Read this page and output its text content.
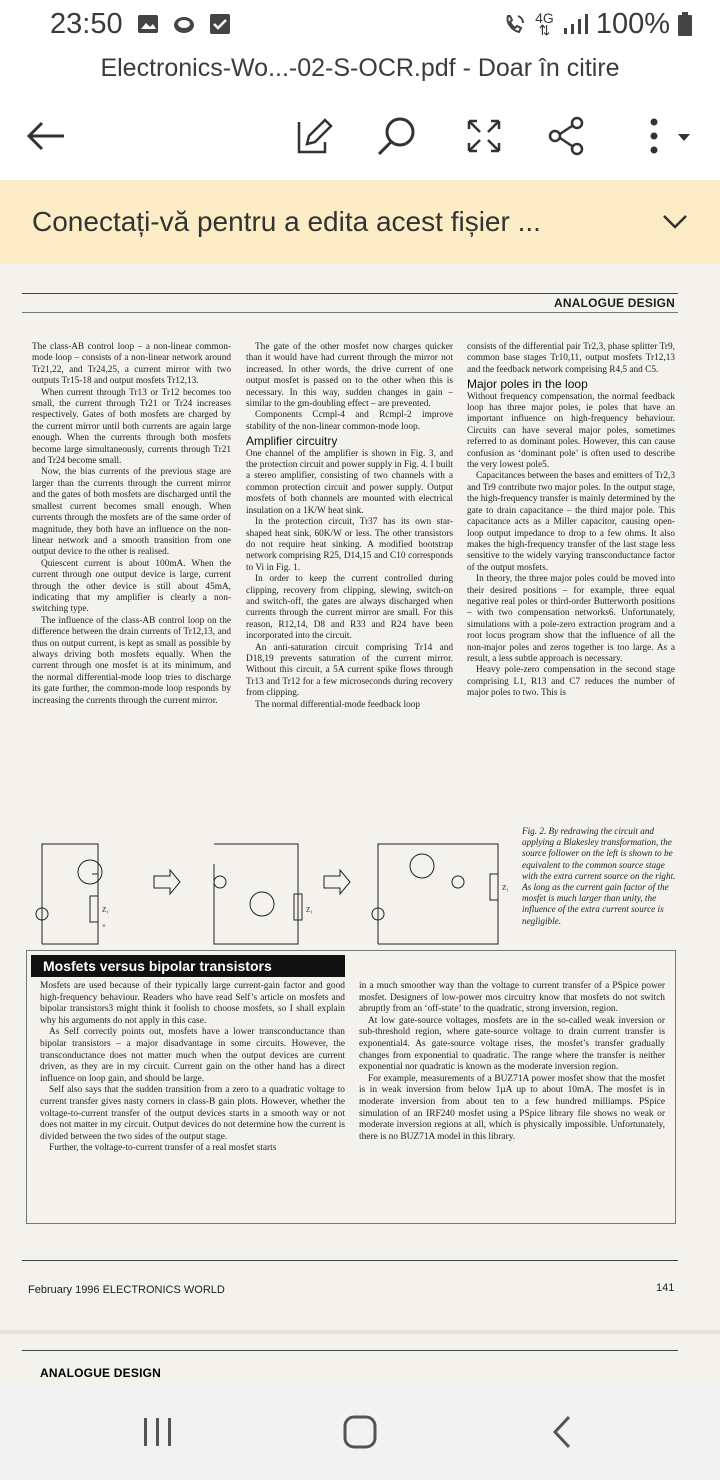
23:50	4G
⇅ 100%
Electronics-Wo...-02-S-OCR.pdf - Doar în citire
Conectați-vă pentru a edita acest fișier ...
ANALOGUE DESIGN

The class-AB control loop – a non-linear common-mode loop – consists of a non-linear network around Tr21,22, and Tr24,25, a current mirror with two outputs Tr15-18 and output mosfets Tr12,13.

When current through Tr13 or Tr12 becomes too small, the current through Tr21 or Tr24 increases respectively. Gates of both mosfets are charged by the current mirror until both currents are again large enough. When the currents through both mosfets become large simultaneously, currents through Tr21 and Tr24 become small.

Now, the bias currents of the previous stage are larger than the currents through the current mirror and the gates of both mosfets are discharged until the smallest current becomes small enough. When currents through the mosfets are of the same order of magnitude, they both have an influence on the non-linear network and a smooth transition from one output device to the other is realised.

Quiescent current is about 100mA. When the current through one output device is large, current through the other device is still about 45mA, indicating that my amplifier is clearly a non-switching type.

The influence of the class-AB control loop on the difference between the drain currents of Tr12,13, and thus on output current, is kept as small as possible by always driving both mosfets equally. When the current through one mosfet is at its minimum, and the normal differential-mode loop tries to discharge its gate further, the common-mode loop responds by increasing the currents through the current mirror.

The gate of the other mosfet now charges quicker than it would have had current through the mirror not increased. In other words, the drive current of one output mosfet is passed on to the other when this is necessary. In this way, sudden changes in gain – similar to the gm-doubling effect – are prevented.

Components Ccmpl-4 and Rcmpl-2 improve stability of the non-linear common-mode loop.

Amplifier circuitry

One channel of the amplifier is shown in Fig. 3, and the protection circuit and power supply in Fig. 4. I built a stereo amplifier, consisting of two channels with a common protection circuit and power supply. Output mosfets of both channels are mounted with electrical insulation on a 1K/W heat sink.

In the protection circuit, Tr37 has its own star-shaped heat sink, 60K/W or less. The other transistors do not require heat sinking. A modified bootstrap network comprising R25, D14,15 and C10 corresponds to Vi in Fig. 1.

In order to keep the current controlled during clipping, recovery from clipping, slewing, switch-on and switch-off, the gates are always discharged when currents through the current mirror are small. For this reason, R12,14, D8 and R33 and R24 have been incorporated into the circuit.

An anti-saturation circuit comprising Tr14 and D18,19 prevents saturation of the current mirror. Without this circuit, a 5A current spike flows through Tr13 and Tr12 for a few microseconds during recovery from clipping.

The normal differential-mode feedback loop

consists of the differential pair Tr2,3, phase splitter Tr9, common base stages Tr10,11, output mosfets Tr12,13 and the feedback network comprising R4,5 and C5.

Major poles in the loop

Without frequency compensation, the normal feedback loop has three major poles, ie poles that have an important influence on high-frequency behaviour. Circuits can have several major poles, sometimes referred to as dominant poles. However, this can cause confusion as ‘dominant pole’ is often used to describe the very lowest pole5.

Capacitances between the bases and emitters of Tr2,3 and Tr9 contribute two major poles. In the output stage, the high-frequency transfer is mainly determined by the gate to drain capacitance – the third major pole. This capacitance acts as a Miller capacitor, causing open-loop output impedance to drop to a few ohms. It also makes the high-frequency transfer of the last stage less sensitive to the widely varying transconductance factor of the output mosfets.

In theory, the three major poles could be moved into their desired positions – for example, three equal negative real poles or third-order Butterworth positions – with two compensation networks6. Unfortunately, simulations with a pole-zero extraction program and a root locus program show that the influence of all the non-major poles and zeros together is too large. As a result, a less subtle approach is necessary.

Heavy pole-zero compensation in the second stage comprising L1, R13 and C7 reduces the number of major poles to two. This is

Z₁	Z₁
Z₁
+
Fig. 2. By redrawing the circuit and applying a Blakesley transformation, the source follower on the left is shown to be equivalent to the common source stage with the extra current source on the right. As long as the current gain factor of the mosfet is much larger than unity, the influence of the extra current source is negligible.
Mosfets versus bipolar transistors

Mosfets are used because of their typically large current-gain factor and good high-frequency behaviour. Readers who have read Self’s article on mosfets and bipolar transistors3 might think it foolish to choose mosfets, so I shall explain why his arguments do not apply in this case.

As Self correctly points out, mosfets have a lower transconductance than bipolar transistors – a major disadvantage in some circuits. However, the transconductance does not matter much when the output devices are current driven, as they are in my circuit. Current gain on the other hand has a direct influence on loop gain, and should be large.

Self also says that the sudden transition from a zero to a quadratic voltage to current transfer gives nasty corners in class-B gain plots. However, whether the voltage-to-current transfer of the output devices starts in a smooth way or not does not matter in my circuit. Output devices do not determine how the current is divided between the two sides of the output stage.

Further, the voltage-to-current transfer of a real mosfet starts

in a much smoother way than the voltage to current transfer of a PSpice power mosfet. Designers of low-power mos circuitry know that mosfets do not switch abruptly from an ‘off-state’ to the quadratic, strong inversion, region.

At low gate-source voltages, mosfets are in the so-called weak inversion or sub-threshold region, where gate-source voltage to drain current transfer is exponential4. As gate-source voltage rises, the mosfet’s transfer gradually changes from exponential to quadratic. The range where the transfer is neither exponential nor quadratic is known as the moderate inversion region.

For example, measurements of a BUZ71A power mosfet show that the mosfet is in weak inversion from below 1µA up to about 10mA. The mosfet is in moderate inversion from about ten to a few hundred milliamps. PSpice simulation of an IRF240 mosfet using a PSpice library file shows no weak or moderate inversion regions at all, which is physically impossible. Unfortunately, there is no BUZ71A model in this library.

February 1996 ELECTRONICS WORLD	141
ANALOGUE DESIGN
